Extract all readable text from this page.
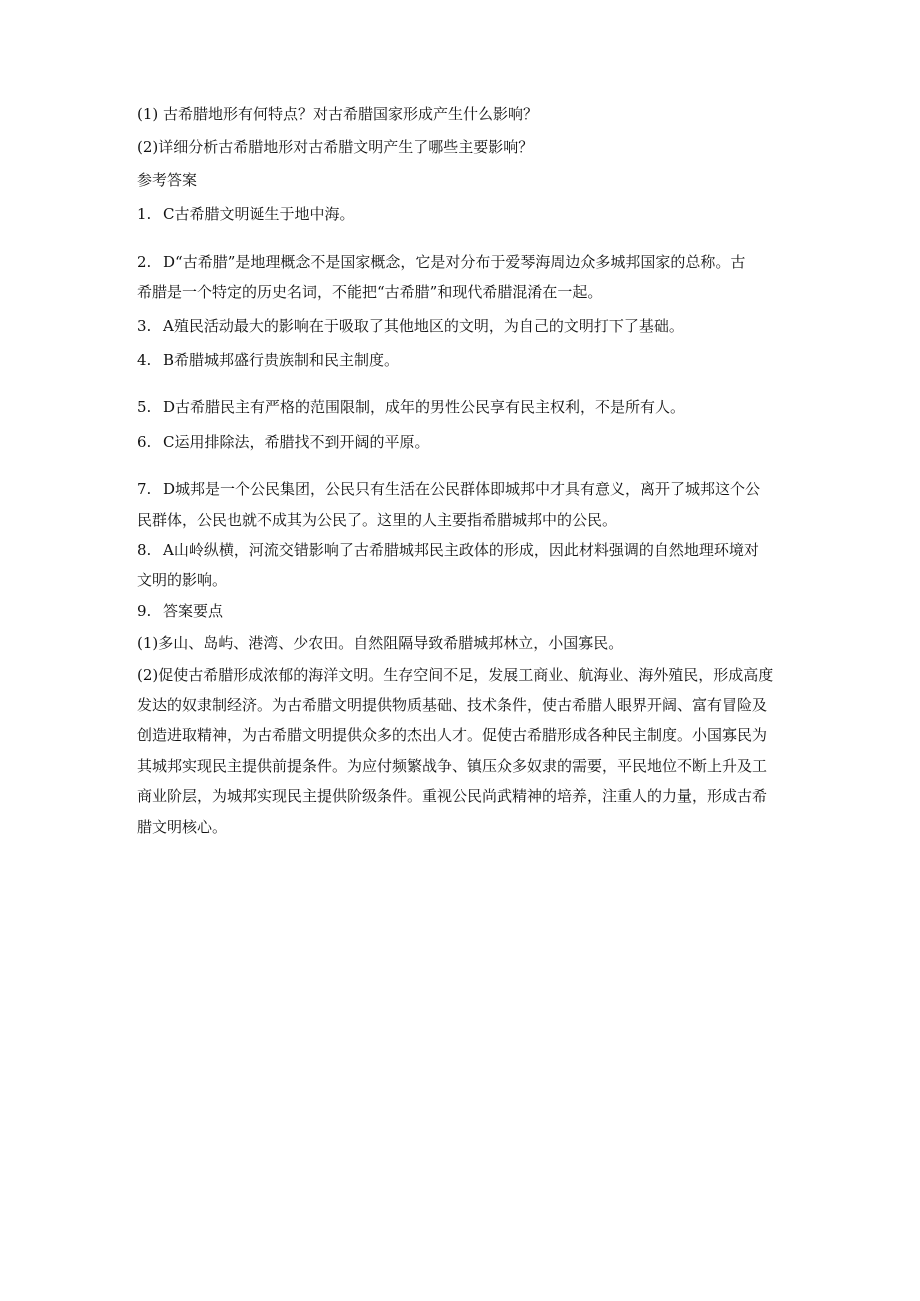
(1) 古希腊地形有何特点？对古希腊国家形成产生什么影响？
(2)详细分析古希腊地形对古希腊文明产生了哪些主要影响？
参考答案
1. C古希腊文明诞生于地中海。
2. D“古希腊”是地理概念不是国家概念，它是对分布于爱琴海周边众多城邦国家的总称。古
希腊是一个特定的历史名词，不能把“古希腊”和现代希腊混淆在一起。
3. A殖民活动最大的影响在于吸取了其他地区的文明，为自己的文明打下了基础。
4. B希腊城邦盛行贵族制和民主制度。
5. D古希腊民主有严格的范围限制，成年的男性公民享有民主权利，不是所有人。
6. C运用排除法，希腊找不到开阔的平原。
7. D城邦是一个公民集团，公民只有生活在公民群体即城邦中才具有意义，离开了城邦这个公
民群体，公民也就不成其为公民了。这里的人主要指希腊城邦中的公民。
8. A山岭纵横，河流交错影响了古希腊城邦民主政体的形成，因此材料强调的自然地理环境对
文明的影响。
9. 答案要点
(1)多山、岛屿、港湾、少农田。自然阻隔导致希腊城邦林立，小国寡民。
(2)促使古希腊形成浓郁的海洋文明。生存空间不足，发展工商业、航海业、海外殖民，形成高度
发达的奴隶制经济。为古希腊文明提供物质基础、技术条件，使古希腊人眼界开阔、富有冒险及
创造进取精神，为古希腊文明提供众多的杰出人才。促使古希腊形成各种民主制度。小国寡民为
其城邦实现民主提供前提条件。为应付频繁战争、镇压众多奴隶的需要，平民地位不断上升及工
商业阶层，为城邦实现民主提供阶级条件。重视公民尚武精神的培养，注重人的力量，形成古希
腊文明核心。
